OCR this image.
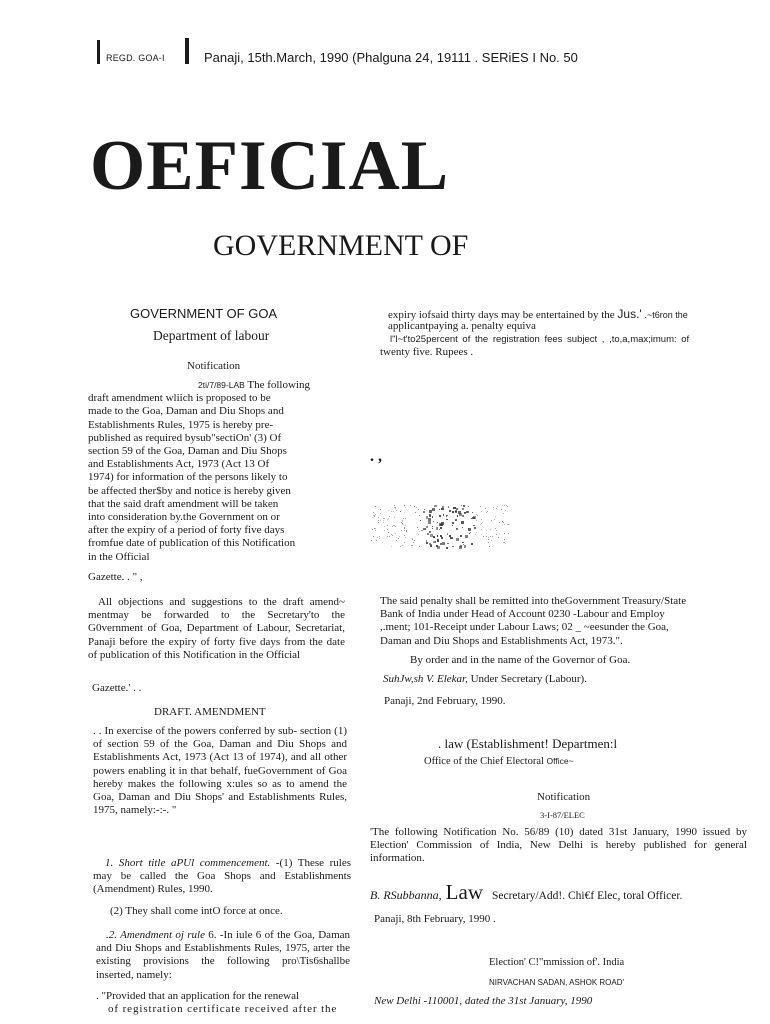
REGD. GOA-I	Panaji, 15th.March, 1990 (Phalguna 24, 19111 . SERiES I No. 50
OEFICIAL
GOVERNMENT OF
GOVERNMENT OF GOA
Department of labour
Notification
2ti/7/89-LAB The following
draft amendment wliich is proposed to be
made to the Goa, Daman and Diu Shops and
Establishments Rules, 1975 is hereby pre-
published as required bysub"sectiOn' (3) Of
section 59 of the Goa, Daman and Diu Shops
and Establishments Act, 1973 (Act 13 Of
1974) for information of the persons likely to
be affected ther$by and notice is hereby given
that the said draft amendment will be taken
into consideration by.the Government on or
after the expiry of a period of forty five days
fromfue date of publication of this Notification
in the Official
Gazette. . " ,
All objections and suggestions to the draft amend~ mentmay be forwarded to the Secretary'to the G0vernment of Goa, Department of Labour, Secretariat, Panaji before the expiry of forty five days from the date of publication of this Notification in the Official
Gazette.' . .
DRAFT. AMENDMENT
. . In exercise of the powers conferred by sub- section (1) of section 59 of the Goa, Daman and Diu Shops and Establishments Act, 1973 (Act 13 of 1974), and all other powers enabling it in that behalf, fueGovernment of Goa hereby makes the following x:ules so as to amend the Goa, Daman and Diu Shops' and Establishments Rules, 1975, namely:-:-. "
1. Short title aPUl commencement. -(1) These rules may be called the Goa Shops and Establishments (Amendment) Rules, 1990.
(2) They shall come intO force at once.
.2. Amendment oj rule 6. -In iule 6 of the Goa, Daman and Diu Shops and Establishments Rules, 1975, arter the existing provisions the following pro\Tis6shallbe inserted, namely:
. "Provided that an application for the renewal
of registration certificate received after the
expiry iofsaid thirty days may be entertained by the Jus.' .~t6ron the
applicantpaying a. penalty equiva
l"l~t'to25percent of the registration fees subject , ,to,a,max;imum: of
twenty five. Rupees .
. ,
The said penalty shall be remitted into theGovernment Treasury/State
Bank of India under Head of Account 0230 -Labour and Employ
,.ment; 101-Receipt under Labour Laws; 02 _ ~eesunder the Goa,
Daman and Diu Shops and Establishments Act, 1973.".
By order and in the name of the Governor of Goa.
SuhJw,sh V. Elekar, Under Secretary (Labour).
Panaji, 2nd February, 1990.
. law (Establishment! Departmen:l
Office of the Chief Electoral Office~
Notification
3-I-87/ELEC
'The following Notification No. 56/89 (10) dated 31st January, 1990 issued by Election' Commission of India, New Delhi is hereby published for general information.
B. RSubbanna, Law Secretary/Add!. Chi€f Elec, toral Officer.
Panaji, 8th February, 1990 .
Election' C!"mmission of'. India
NIRVACHAN SADAN, ASHOK ROAD'
New Delhi -110001, dated the 31st January, 1990
